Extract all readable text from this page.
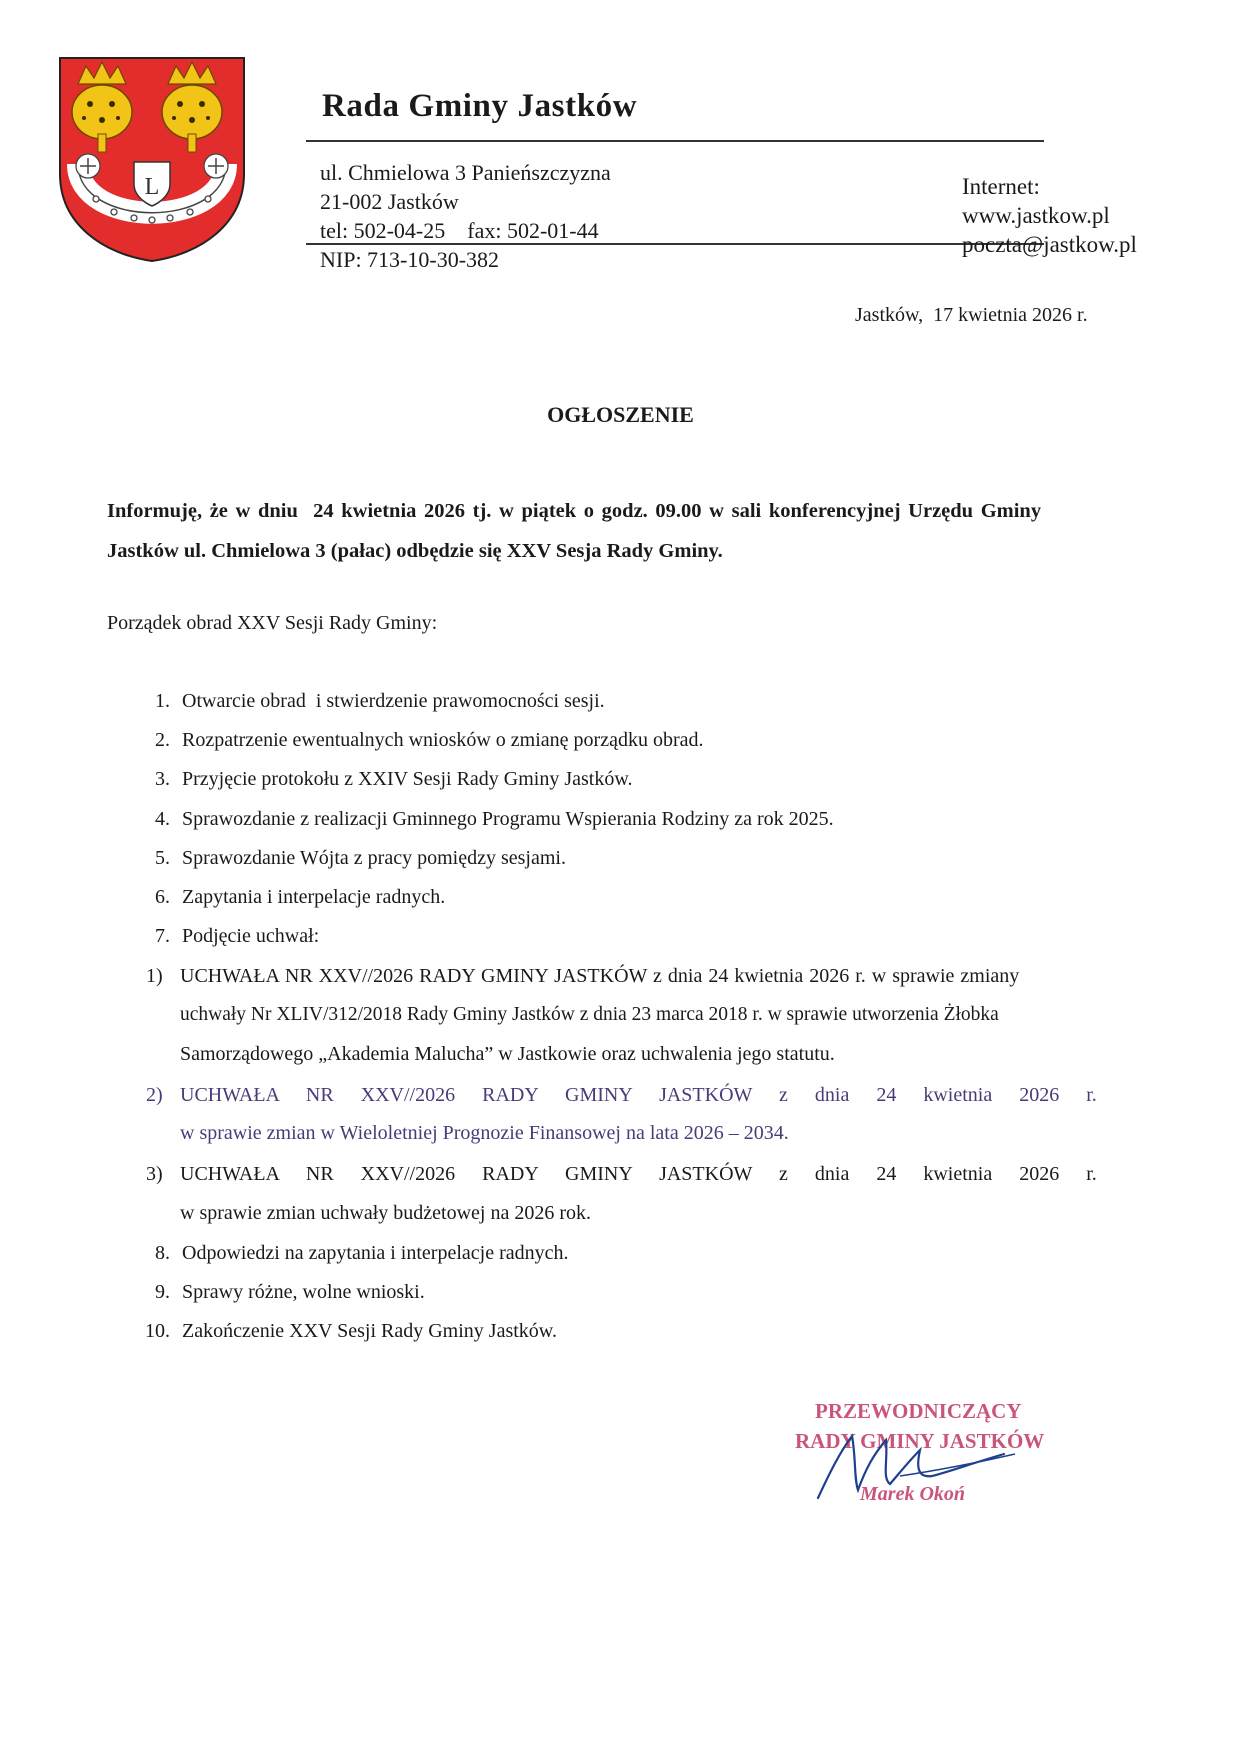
L
Rada Gminy Jastków
ul. Chmielowa 3 Panieńszczyzna
21-002 Jastków
tel: 502-04-25    fax: 502-01-44
NIP: 713-10-30-382
Internet:
www.jastkow.pl
poczta@jastkow.pl
Jastków,  17 kwietnia 2026 r.
OGŁOSZENIE
Informuję, że w dniu  24 kwietnia 2026 tj. w piątek o godz. 09.00 w sali konferencyjnej Urzędu Gminy
Jastków ul. Chmielowa 3 (pałac) odbędzie się XXV Sesja Rady Gminy.
Porządek obrad XXV Sesji Rady Gminy:
1. Otwarcie obrad  i stwierdzenie prawomocności sesji.
2. Rozpatrzenie ewentualnych wniosków o zmianę porządku obrad.
3. Przyjęcie protokołu z XXIV Sesji Rady Gminy Jastków.
4. Sprawozdanie z realizacji Gminnego Programu Wspierania Rodziny za rok 2025.
5. Sprawozdanie Wójta z pracy pomiędzy sesjami.
6. Zapytania i interpelacje radnych.
7. Podjęcie uchwał:
1) UCHWAŁA NR XXV//2026 RADY GMINY JASTKÓW z dnia 24 kwietnia 2026 r. w sprawie zmiany
uchwały Nr XLIV/312/2018 Rady Gminy Jastków z dnia 23 marca 2018 r. w sprawie utworzenia Żłobka
Samorządowego „Akademia Malucha” w Jastkowie oraz uchwalenia jego statutu.
2) UCHWAŁA NR XXV//2026 RADY GMINY JASTKÓW z dnia 24 kwietnia 2026 r.
w sprawie zmian w Wieloletniej Prognozie Finansowej na lata 2026 – 2034.
3) UCHWAŁA NR XXV//2026 RADY GMINY JASTKÓW z dnia 24 kwietnia 2026 r.
w sprawie zmian uchwały budżetowej na 2026 rok.
8. Odpowiedzi na zapytania i interpelacje radnych.
9. Sprawy różne, wolne wnioski.
10. Zakończenie XXV Sesji Rady Gminy Jastków.
PRZEWODNICZĄCY
RADY GMINY JASTKÓW
Marek Okoń
